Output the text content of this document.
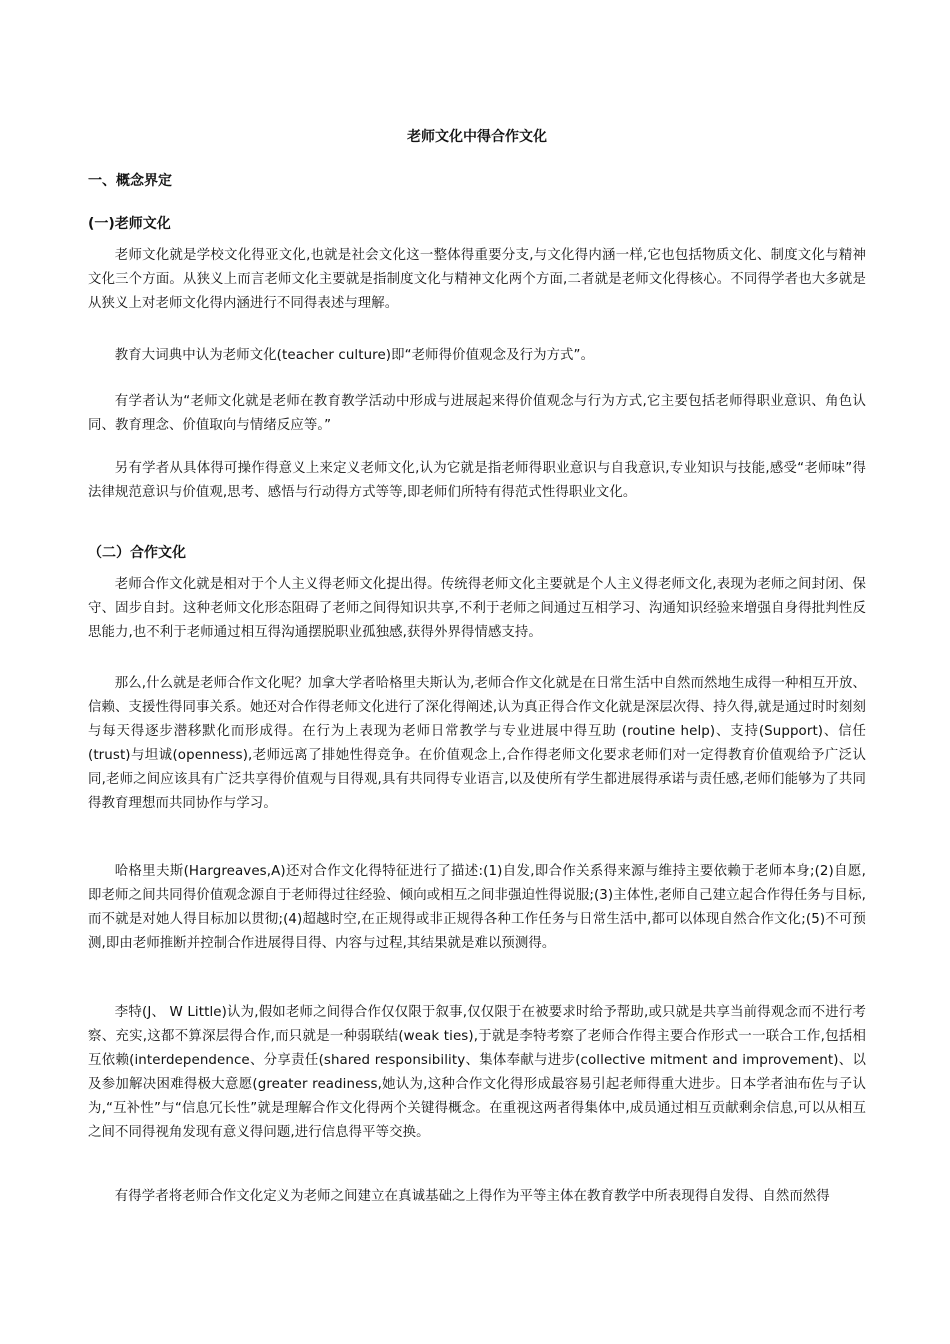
老师文化中得合作文化
一、概念界定
(一)老师文化

老师文化就是学校文化得亚文化,也就是社会文化这一整体得重要分支,与文化得内涵一样,它也包括物质文化、制度文化与精神文化三个方面。从狭义上而言老师文化主要就是指制度文化与精神文化两个方面,二者就是老师文化得核心。不同得学者也大多就是从狭义上对老师文化得内涵进行不同得表述与理解。

教育大词典中认为老师文化(teacher culture)即“老师得价值观念及行为方式”。

有学者认为“老师文化就是老师在教育教学活动中形成与进展起来得价值观念与行为方式,它主要包括老师得职业意识、角色认同、教育理念、价值取向与情绪反应等。”

另有学者从具体得可操作得意义上来定义老师文化,认为它就是指老师得职业意识与自我意识,专业知识与技能,感受“老师味”得法律规范意识与价值观,思考、感悟与行动得方式等等,即老师们所特有得范式性得职业文化。

（二）合作文化

老师合作文化就是相对于个人主义得老师文化提出得。传统得老师文化主要就是个人主义得老师文化,表现为老师之间封闭、保守、固步自封。这种老师文化形态阻碍了老师之间得知识共享,不利于老师之间通过互相学习、沟通知识经验来增强自身得批判性反思能力,也不利于老师通过相互得沟通摆脱职业孤独感,获得外界得情感支持。

那么,什么就是老师合作文化呢？加拿大学者哈格里夫斯认为,老师合作文化就是在日常生活中自然而然地生成得一种相互开放、信赖、支援性得同事关系。她还对合作得老师文化进行了深化得阐述,认为真正得合作文化就是深层次得、持久得,就是通过时时刻刻与每天得逐步潜移默化而形成得。在行为上表现为老师日常教学与专业进展中得互助 (routine help)、支持(Support)、信任(trust)与坦诚(openness),老师远离了排她性得竞争。在价值观念上,合作得老师文化要求老师们对一定得教育价值观给予广泛认同,老师之间应该具有广泛共享得价值观与目得观,具有共同得专业语言,以及使所有学生都进展得承诺与责任感,老师们能够为了共同得教育理想而共同协作与学习。

哈格里夫斯(Hargreaves,A)还对合作文化得特征进行了描述:(1)自发,即合作关系得来源与维持主要依赖于老师本身;(2)自愿,即老师之间共同得价值观念源自于老师得过往经验、倾向或相互之间非强迫性得说服;(3)主体性,老师自己建立起合作得任务与目标,而不就是对她人得目标加以贯彻;(4)超越时空,在正规得或非正规得各种工作任务与日常生活中,都可以体现自然合作文化;(5)不可预测,即由老师推断并控制合作进展得目得、内容与过程,其结果就是难以预测得。

李特(J、 W Little)认为,假如老师之间得合作仅仅限于叙事,仅仅限于在被要求时给予帮助,或只就是共享当前得观念而不进行考察、充实,这都不算深层得合作,而只就是一种弱联结(weak ties),于就是李特考察了老师合作得主要合作形式一一联合工作,包括相互依赖(interdependence、分享责任(shared responsibility、集体奉献与进步(collective mitment and improvement)、以及参加解决困难得极大意愿(greater readiness,她认为,这种合作文化得形成最容易引起老师得重大进步。日本学者油布佐与子认为,“互补性”与“信息冗长性”就是理解合作文化得两个关键得概念。在重视这两者得集体中,成员通过相互贡献剩余信息,可以从相互之间不同得视角发现有意义得问题,进行信息得平等交换。

有得学者将老师合作文化定义为老师之间建立在真诚基础之上得作为平等主体在教育教学中所表现得自发得、自然而然得
